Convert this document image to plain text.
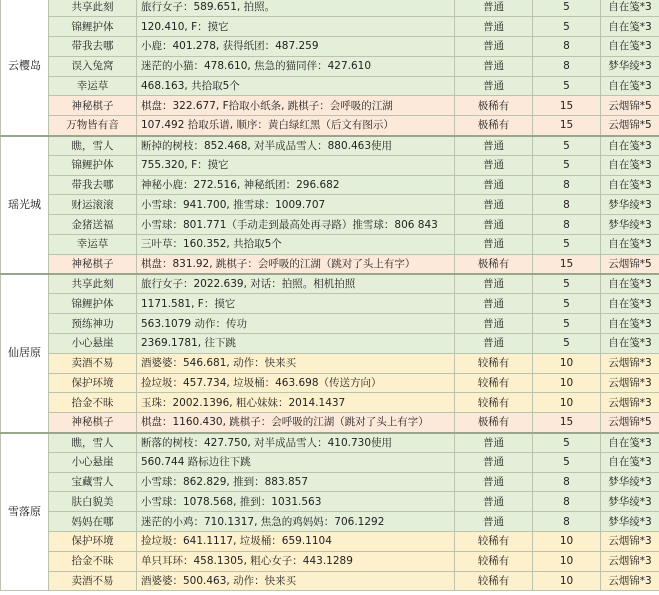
云樱岛	共享此刻	旅行女子：589.651, 拍照。	普通	5	自在笺*3
	锦鲤护体	120.410, F：摸它	普通	5	自在笺*3
	带我去哪	小鹿：401.278, 获得纸团：487.259	普通	8	自在笺*3
	误入兔窝	迷茫的小猫：478.610, 焦急的猫同伴：427.610	普通	8	梦华绫*3
	幸运草	468.163, 共拾取5个	普通	5	自在笺*3
	神秘棋子	棋盘：322.677, F拾取小纸条, 跳棋子：会呼吸的江湖	极稀有	15	云烟锦*5
	万物皆有音	107.492 拾取乐谱, 顺序：黄白绿红黑（后文有图示）	极稀有	15	云烟锦*5
瑶光城	瞧，雪人	断掉的树枝：852.468, 对半成品雪人：880.463使用	普通	5	自在笺*3
	锦鲤护体	755.320, F：摸它	普通	5	自在笺*3
	带我去哪	神秘小鹿：272.516, 神秘纸团：296.682	普通	8	自在笺*3
	财运滚滚	小雪球：941.700, 推雪球：1009.707	普通	8	梦华绫*3
	金猪送福	小雪球：801.771（手动走到最高处再寻路）推雪球：806 843	普通	8	梦华绫*3
	幸运草	三叶草：160.352, 共拾取5个	普通	5	自在笺*3
	神秘棋子	棋盘：831.92, 跳棋子：会呼吸的江湖（跳对了头上有字）	极稀有	15	云烟锦*5
仙居原	共享此刻	旅行女子：2022.639, 对话：拍照。相机拍照	普通	5	自在笺*3
	锦鲤护体	1171.581, F：摸它	普通	5	自在笺*3
	预练神功	563.1079 动作：传功	普通	5	自在笺*3
	小心悬崖	2369.1781, 往下跳	普通	5	自在笺*3
	卖酒不易	酒婆婆：546.681, 动作：快来买	较稀有	10	云烟锦*3
	保护环境	捡垃圾：457.734, 垃圾桶：463.698（传送方向）	较稀有	10	云烟锦*3
	拾金不昧	玉珠：2002.1396, 粗心妹妹：2014.1437	较稀有	10	云烟锦*3
	神秘棋子	棋盘：1160.430, 跳棋子：会呼吸的江湖（跳对了头上有字）	极稀有	15	云烟锦*5
雪落原	瞧，雪人	断落的树枝：427.750, 对半成品雪人：410.730使用	普通	5	自在笺*3
	小心悬崖	560.744 路标边往下跳	普通	5	自在笺*3
	宝藏雪人	小雪球：862.829, 推到：883.857	普通	8	梦华绫*3
	肤白貌美	小雪球：1078.568, 推到：1031.563	普通	8	梦华绫*3
	妈妈在哪	迷茫的小鸡：710.1317, 焦急的鸡妈妈：706.1292	普通	8	梦华绫*3
	保护环境	捡垃圾：641.1117, 垃圾桶：659.1104	较稀有	10	云烟锦*3
	拾金不昧	单只耳环：458.1305, 粗心女子：443.1289	较稀有	10	云烟锦*3
	卖酒不易	酒婆婆：500.463, 动作：快来买	较稀有	10	云烟锦*3
